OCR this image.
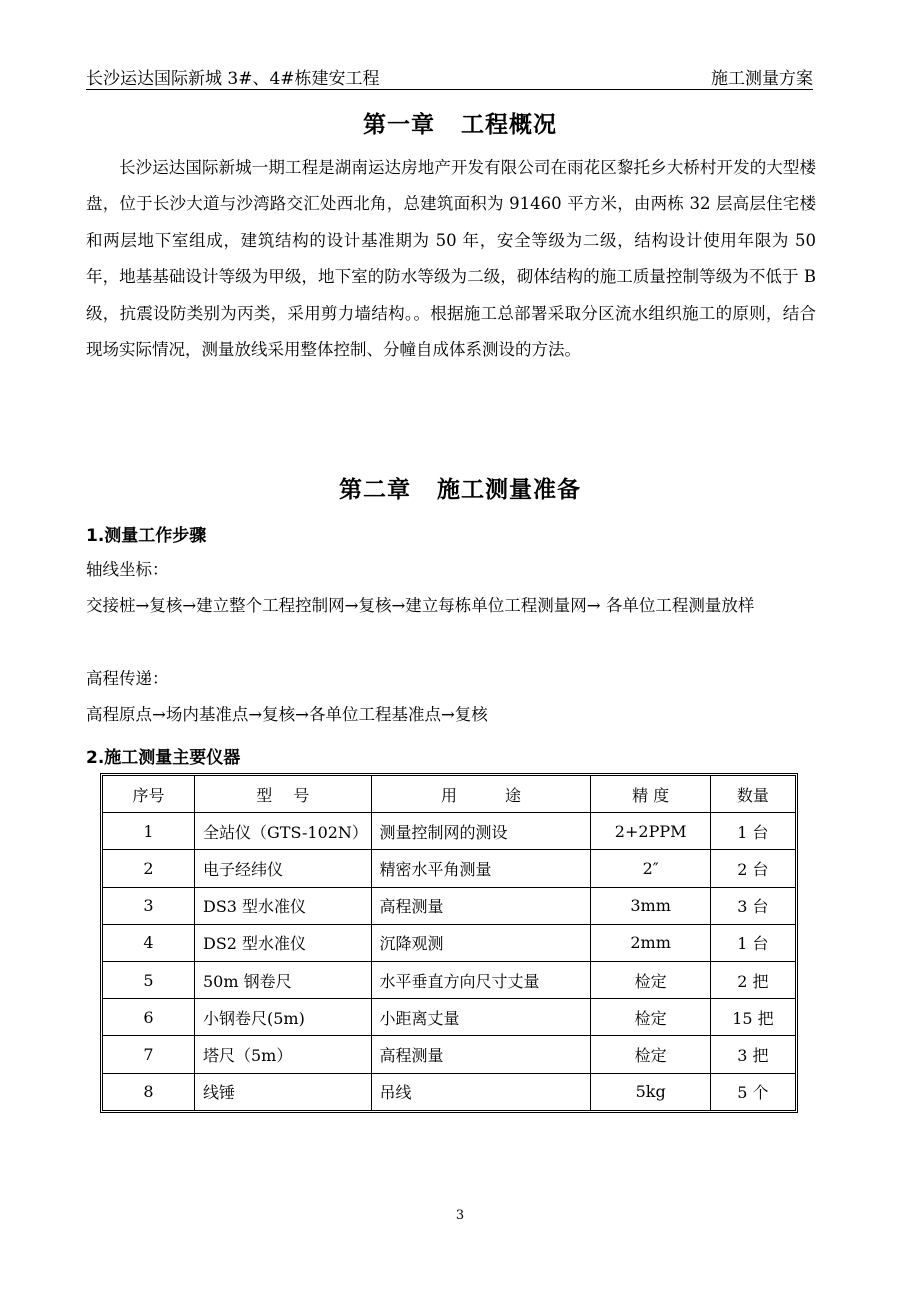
长沙运达国际新城 3#、4#栋建安工程	施工测量方案
第一章 工程概况
长沙运达国际新城一期工程是湖南运达房地产开发有限公司在雨花区黎托乡大桥村开发的大型楼盘，位于长沙大道与沙湾路交汇处西北角，总建筑面积为 91460 平方米，由两栋 32 层高层住宅楼和两层地下室组成，建筑结构的设计基准期为 50 年，安全等级为二级，结构设计使用年限为 50 年，地基基础设计等级为甲级，地下室的防水等级为二级，砌体结构的施工质量控制等级为不低于 B 级，抗震设防类别为丙类，采用剪力墙结构。。根据施工总部署采取分区流水组织施工的原则，结合现场实际情况，测量放线采用整体控制、分幢自成体系测设的方法。
第二章 施工测量准备
1.测量工作步骤
轴线坐标：
交接桩→复核→建立整个工程控制网→复核→建立每栋单位工程测量网→ 各单位工程测量放样
高程传递：
高程原点→场内基准点→复核→各单位工程基准点→复核
2.施工测量主要仪器
序号	型　 号	用　　　途	精 度	数量
1	全站仪（GTS-102N）	测量控制网的测设	2+2PPM	1 台
2	电子经纬仪	精密水平角测量	2″	2 台
3	DS3 型水准仪	高程测量	3mm	3 台
4	DS2 型水准仪	沉降观测	2mm	1 台
5	50m 钢卷尺	水平垂直方向尺寸丈量	检定	2 把
6	小钢卷尺(5m)	小距离丈量	检定	15 把
7	塔尺（5m）	高程测量	检定	3 把
8	线锤	吊线	5kg	5 个
3
